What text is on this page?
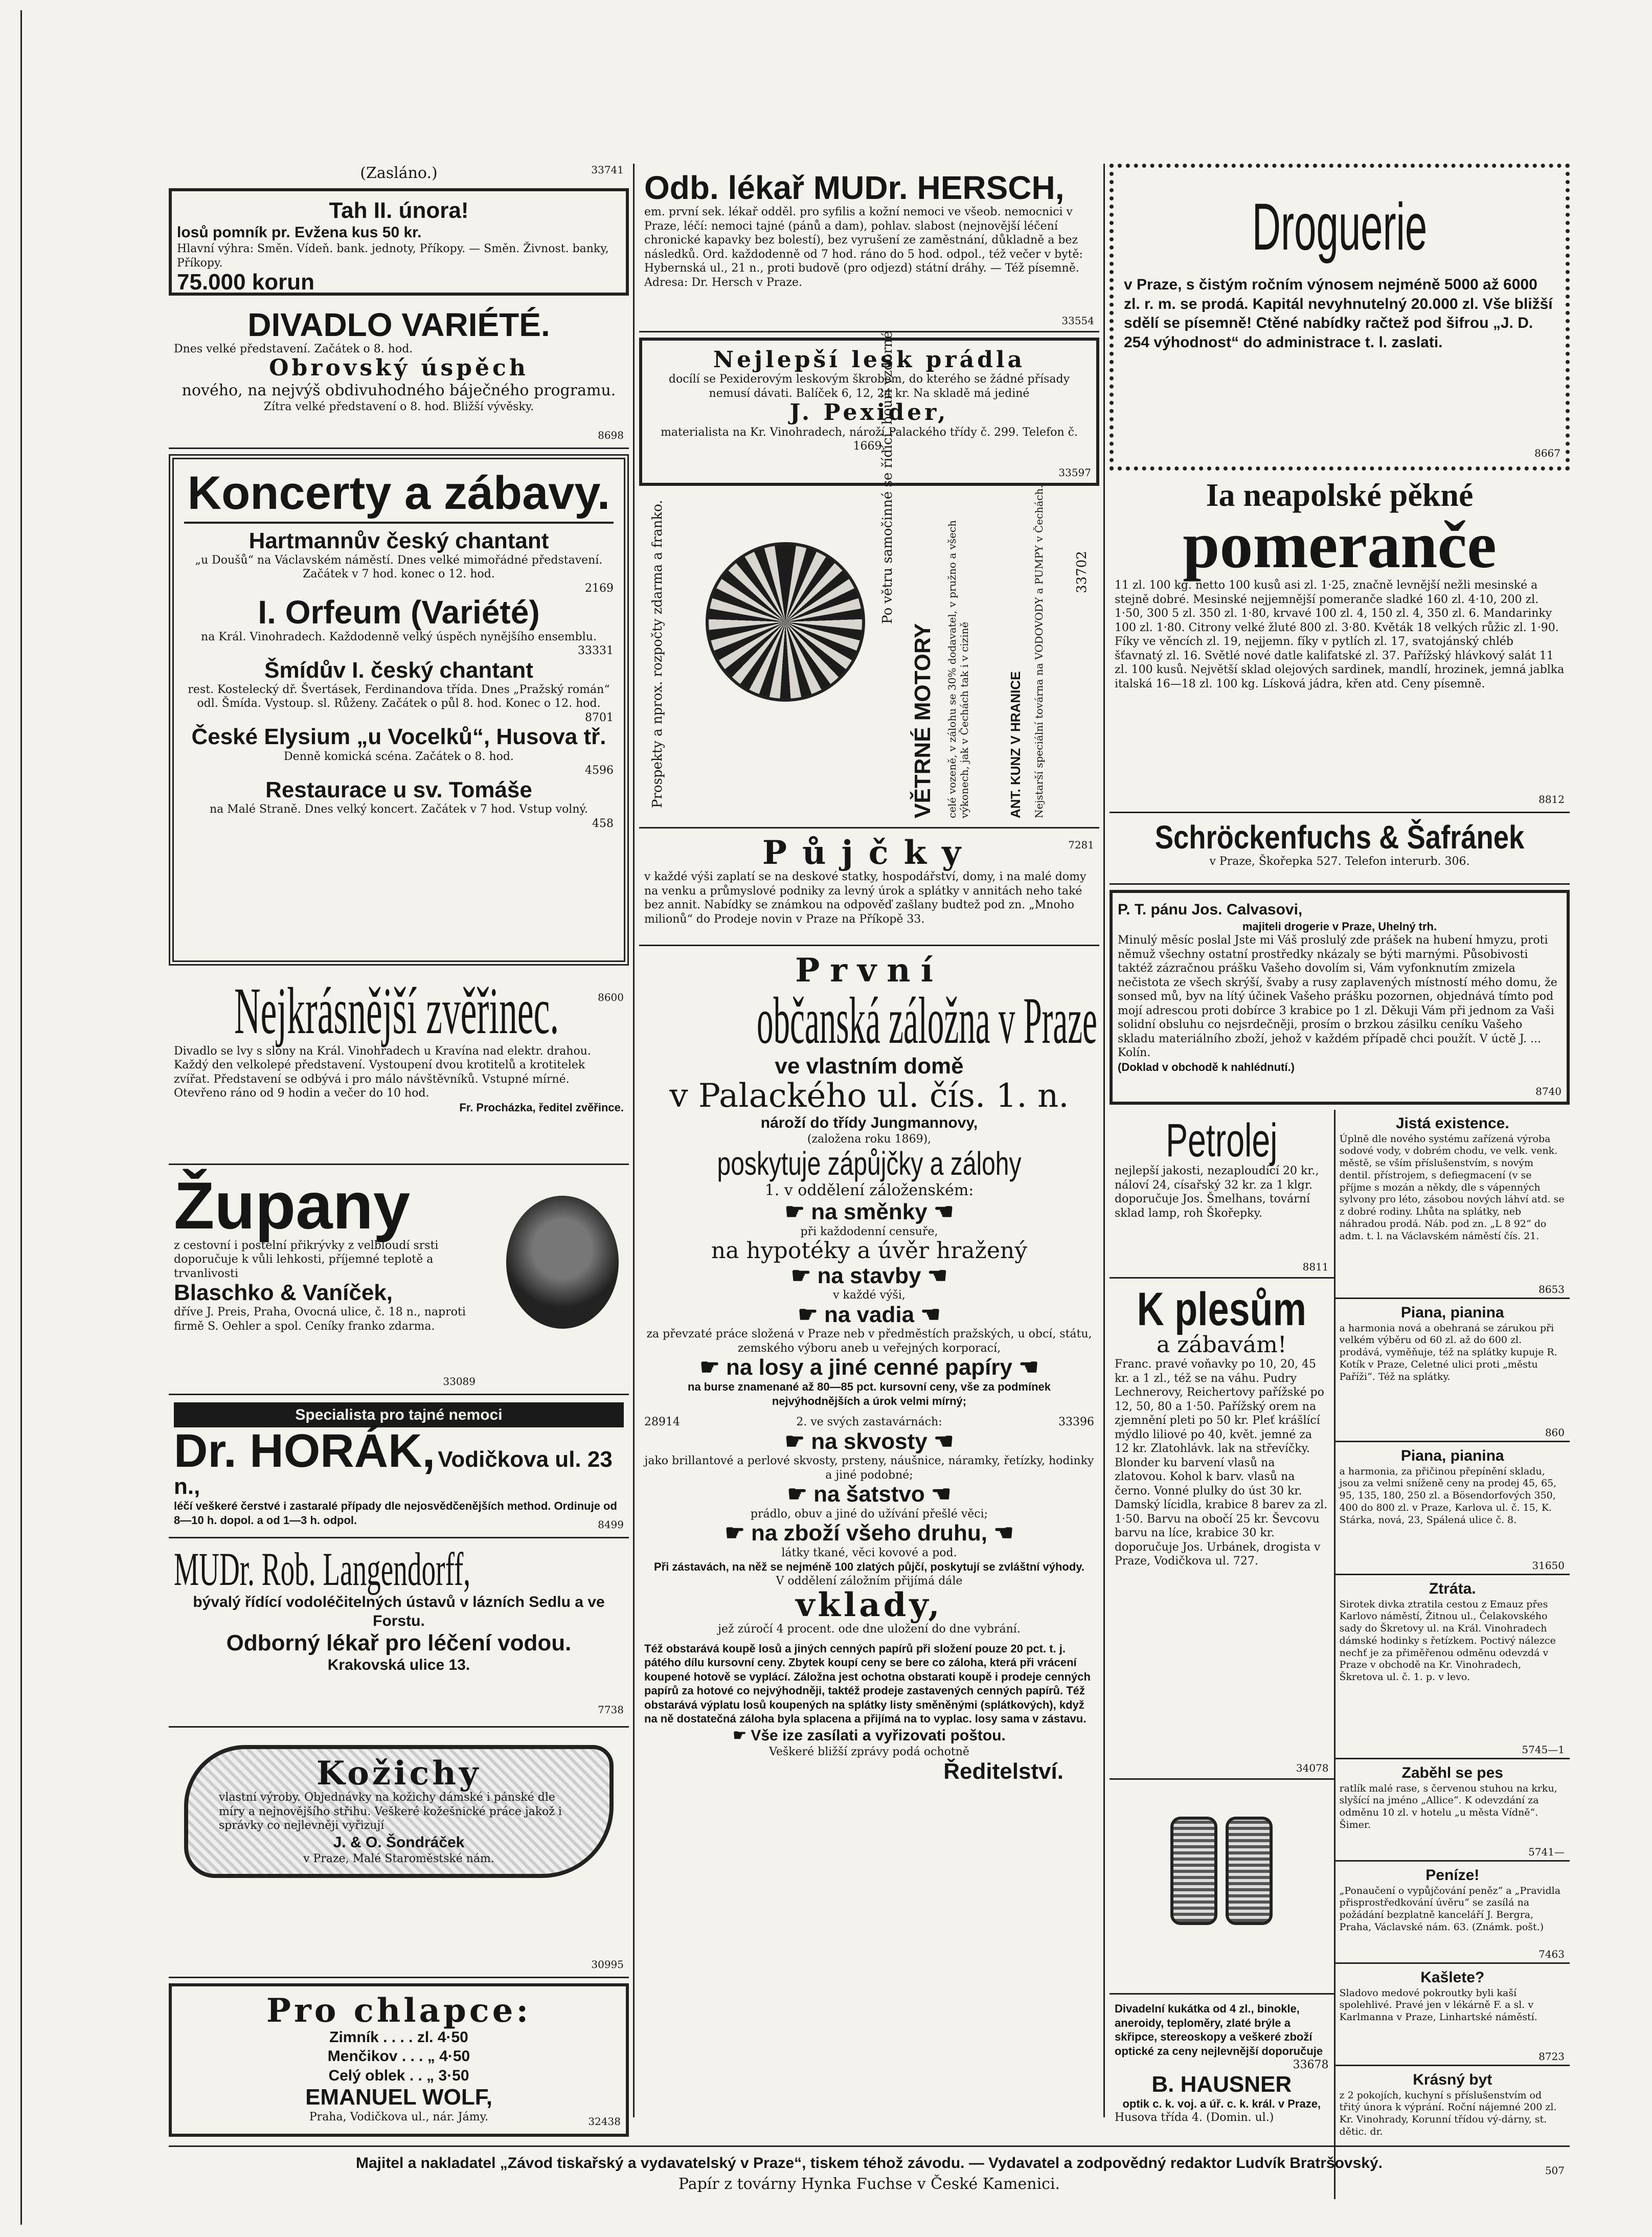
(Zasláno.)	33741
Tah II. února!
losů pomník pr. Evžena kus 50 kr.
Hlavní výhra: Směn. Vídeň. bank. jednoty, Příkopy. — Směn. Živnost. banky, Příkopy.
75.000 korun
DIVADLO VARIÉTÉ.
Dnes velké představení. Začátek o 8. hod.
Obrovský úspěch
nového, na nejvýš obdivuhodného báječného programu.
Zítra velké představení o 8. hod. Bližší vývěsky.
8698
Koncerty a zábavy.
Hartmannův český chantant
„u Doušů“ na Václavském náměstí. Dnes velké mimořádné představení. Začátek v 7 hod. konec o 12. hod.
2169
I. Orfeum (Variété)
na Král. Vinohradech. Každodenně velký úspěch nynějšího ensemblu.
33331
Šmídův I. český chantant
rest. Kostelecký dř. Švertásek, Ferdinandova třída. Dnes „Pražský román“ odl. Šmída. Vystoup. sl. Růženy. Začátek o půl 8. hod. Konec o 12. hod.
8701
České Elysium „u Vocelků“, Husova tř.
Denně komická scéna. Začátek o 8. hod.
4596
Restaurace u sv. Tomáše
na Malé Straně. Dnes velký koncert. Začátek v 7 hod. Vstup volný.
458
Nejkrásnější zvěřinec.	8600
Divadlo se lvy s slony na Král. Vinohradech u Kravína nad elektr. drahou. Každý den velkolepé představení. Vystoupení dvou krotitelů a krotitelek zvířat. Představení se odbývá i pro málo návštěvníků. Vstupné mírné. Otevřeno ráno od 9 hodin a večer do 10 hod.
Fr. Procházka, ředitel zvěřince.
Župany
z cestovní i postelní přikrývky z velbloudí srsti doporučuje k vůli lehkosti, příjemné teplotě a trvanlivosti
Blaschko & Vaníček,
dříve J. Preis, Praha, Ovocná ulice, č. 18 n., naproti firmě S. Oehler a spol. Ceníky franko zdarma.
33089
Specialista pro tajné nemoci
Dr. HORÁK, Vodičkova ul. 23 n.,
léčí veškeré čerstvé i zastaralé případy dle nejosvědčenějších method. Ordinuje od 8—10 h. dopol. a od 1—3 h. odpol.	8499
MUDr. Rob. Langendorff,
bývalý řídící vodoléčitelných ústavů v lázních Sedlu a ve Forstu.
Odborný lékař pro léčení vodou.
Krakovská ulice 13.
7738
Kožichy
vlastní výroby. Objednávky na kožichy dámské i pánské dle míry a nejnovějšího střihu. Veškeré kožešnické práce jakož i správky co nejlevněji vyřizují
J. & O. Šondráček
v Praze, Malé Staroměstské nám.
30995
Pro chlapce:
Zimník . . . . zl. 4·50
Menčikov . . . „ 4·50
Celý oblek . . „ 3·50
EMANUEL WOLF,
Praha, Vodičkova ul., nár. Jámy.	32438
Odb. lékař MUDr. HERSCH,
em. první sek. lékař odděl. pro syfilis a kožní nemoci ve všeob. nemocnici v Praze, léčí: nemoci tajné (pánů a dam), pohlav. slabost (nejnovější léčení chronické kapavky bez bolestí), bez vyrušení ze zaměstnání, důkladně a bez následků. Ord. každodenně od 7 hod. ráno do 5 hod. odpol., též večer v bytě: Hybernská ul., 21 n., proti budově (pro odjezd) státní dráhy. — Též písemně. Adresa: Dr. Hersch v Praze.
33554
Nejlepší lesk prádla
docílí se Pexiderovým leskovým škrobem, do kterého se žádné přísady nemusí dávati. Balíček 6, 12, 24 kr. Na skladě má jediné
J. Pexider,
materialista na Kr. Vinohradech, nároží Palackého třídy č. 299. Telefon č. 1669.
33597
Prospekty a nprox. rozpočty zdarma a franko.
Po větru samočinné se řídící, bouří vzdorné
VĚTRNÉ MOTORY celé vozeně, v zálohu se 30% dodavatel, v pružno a všech výkonech, jak v Čechách tak i v cizině	ANT. KUNZ V HRANICE Nejstarší speciální továrna na VODOVODY a PUMPY v Čechách. 33702
Půjčky	7281
v každé výši zaplatí se na deskové statky, hospodářství, domy, i na malé domy na venku a průmyslové podniky za levný úrok a splátky v annitách neho také bez annit. Nabídky se známkou na odpověď zašlany budtež pod zn. „Mnoho milionů“ do Prodeje novin v Praze na Příkopě 33.
První
občanská záložna v Praze
ve vlastním domě
v Palackého ul. čís. 1. n.
nároží do třídy Jungmannovy,
(založena roku 1869),
poskytuje zápůjčky a zálohy
1. v oddělení záloženském:
☛ na směnky ☚
při každodenní censuře,
na hypotéky a úvěr hražený
☛ na stavby ☚
v každé výši,
☛ na vadia ☚
za převzaté práce složená v Praze neb v předměstích pražských, u obcí, státu, zemského výboru aneb u veřejných korporací,
☛ na losy a jiné cenné papíry ☚
na burse znamenané až 80—85 pct. kursovní ceny, vše za podmínek nejvýhodnějších a úrok velmi mírný;
28914	2. ve svých zastavárnách:	33396
☛ na skvosty ☚
jako brillantové a perlové skvosty, prsteny, náušnice, náramky, řetízky, hodinky a jiné podobné;
☛ na šatstvo ☚
prádlo, obuv a jiné do užívání přešlé věci;
☛ na zboží všeho druhu, ☚
látky tkané, věci kovové a pod.
Při zástavách, na něž se nejméně 100 zlatých půjčí, poskytují se zvláštní výhody.
V oddělení záložním přijímá dále
vklady,
jež zúročí 4 procent. ode dne uložení do dne vybrání.
Též obstarává koupě losů a jiných cenných papírů při složení pouze 20 pct. t. j. pátého dílu kursovní ceny. Zbytek koupí ceny se bere co záloha, která při vrácení koupené hotově se vyplácí. Záložna jest ochotna obstarati koupě i prodeje cenných papírů za hotové co nejvýhodněji, taktéž prodeje zastavených cenných papírů. Též obstarává výplatu losů koupených na splátky listy směněnými (splátkových), když na ně dostatečná záloha byla splacena a přijímá na to vyplac. losy sama v zástavu.
☛ Vše ize zasílati a vyřizovati poštou.
Veškeré bližší zprávy podá ochotně
Ředitelství.
Droguerie
v Praze, s čistým ročním výnosem nejméně 5000 až 6000 zl. r. m. se prodá. Kapitál nevyhnutelný 20.000 zl. Vše bližší sdělí se písemně! Ctěné nabídky račtež pod šifrou „J. D. 254 výhodnost“ do administrace t. l. zaslati.
8667
Ia neapolské pěkné
pomeranče
11 zl. 100 kg. netto 100 kusů asi zl. 1·25, značně levnější nežli mesinské a stejně dobré. Mesinské nejjemnější pomeranče sladké 160 zl. 4·10, 200 zl. 1·50, 300 5 zl. 350 zl. 1·80, krvavé 100 zl. 4, 150 zl. 4, 350 zl. 6. Mandarinky 100 zl. 1·80. Citrony velké žluté 800 zl. 3·80. Květák 18 velkých růžic zl. 1·90. Fíky ve věncích zl. 19, nejjemn. fíky v pytlích zl. 17, svatojánský chléb šťavnatý zl. 16. Světlé nové datle kalifatské zl. 37. Pařížský hlávkový salát 11 zl. 100 kusů. Největší sklad olejových sardinek, mandlí, hrozinek, jemná jablka italská 16—18 zl. 100 kg. Lísková jádra, křen atd. Ceny písemně.
8812
Schröckenfuchs & Šafránek
v Praze, Škořepka 527. Telefon interurb. 306.
P. T. pánu Jos. Calvasovi,
majiteli drogerie v Praze, Uhelný trh.
Minulý měsíc poslal Jste mi Váš proslulý zde prášek na hubení hmyzu, proti němuž všechny ostatní prostředky nkázaly se býti marnými. Působivosti taktéž zázračnou prášku Vašeho dovolím si, Vám vyfonknutím zmizela nečistota ze všech skrýší, švaby a rusy zaplavených místností mého domu, že sonsed mů, byv na lítý účinek Vašeho prášku pozornen, objednává tímto pod mojí adrescou proti dobírce 3 krabice po 1 zl. Děkuji Vám při jednom za Vaši solidní obsluhu co nejsrdečněji, prosím o brzkou zásilku ceníku Vašeho skladu materiálního zboží, jehož v každém případě chci použít. V úctě J. ... Kolín.
(Doklad v obchodě k nahlédnutí.)
8740
Petrolej
nejlepší jakosti, nezaploudící 20 kr., náloví 24, císařský 32 kr. za 1 klgr. doporučuje Jos. Šmelhans, tovární sklad lamp, roh Škořepky.
8811
K plesům
a zábavám!
Franc. pravé voňavky po 10, 20, 45 kr. a 1 zl., též se na váhu. Pudry Lechnerovy, Reichertovy pařížské po 12, 50, 80 a 1·50. Pařížský orem na zjemnění pleti po 50 kr. Pleť krášlící mýdlo liliové po 40, květ. jemné za 12 kr. Zlatohlávk. lak na střevíčky. Blonder ku barvení vlasů na zlatovou. Kohol k barv. vlasů na černo. Vonné plulky do úst 30 kr. Damský lícidla, krabice 8 barev za zl. 1·50. Barvu na obočí 25 kr. Ševcovu barvu na líce, krabice 30 kr. doporučuje Jos. Urbánek, drogista v Praze, Vodičkova ul. 727.
34078
Divadelní kukátka od 4 zl., binokle, aneroidy, teploměry, zlaté brýle a skřipce, stereoskopy a veškeré zboží optické za ceny nejlevnější doporučuje
33678
B. HAUSNER
optik c. k. voj. a úř. c. k. král. v Praze,
Husova třída 4. (Domin. ul.)
Jistá existence.
Úplně dle nového systému zařízená výroba sodové vody, v dobrém chodu, ve velk. venk. městě, se vším příslušenstvím, s novým dentil. přístrojem, s defiegmacení (v se příjme s mozán a někdy, dle s vápenných sylvony pro léto, zásobou nových láhví atd. se z dobré rodiny. Lhůta na splátky, neb náhradou prodá. Náb. pod zn. „L 8 92“ do adm. t. l. na Václavském náměstí čís. 21.
8653
Piana, pianina
a harmonia nová a obehraná se zárukou při velkém výběru od 60 zl. až do 600 zl. prodává, vyměňuje, též na splátky kupuje R. Kotík v Praze, Celetné ulici proti „městu Paříži“. Též na splátky.
860
Piana, pianina
a harmonia, za přičinou přepínění skladu, jsou za velmi sníženě ceny na prodej 45, 65, 95, 135, 180, 250 zl. a Bösendorfových 350, 400 do 800 zl. v Praze, Karlova ul. č. 15, K. Stárka, nová, 23, Spálená ulice č. 8.
31650
Ztráta.
Sirotek divka ztratila cestou z Emauz přes Karlovo náměstí, Žitnou ul., Čelakovského sady do Škretovy ul. na Král. Vinohradech dámské hodinky s řetízkem. Poctivý nálezce nechť je za přiměřenou odměnu odevzdá v Praze v obchodě na Kr. Vinohradech, Škretova ul. č. 1. p. v levo.
5745—1
Zaběhl se pes
ratlík malé rase, s červenou stuhou na krku, slyšící na jméno „Allice“. K odevzdání za odměnu 10 zl. v hotelu „u města Vídně“. Šimer.
5741—
Peníze!
„Ponaučení o vypůjčování peněz“ a „Pravidla přisprostředkování úvěru“ se zasílá na požádání bezplatně kanceláří J. Bergra, Praha, Václavské nám. 63. (Známk. pošt.)
7463
Kašlete?
Sladovo medové pokroutky byli kaší spolehlivé. Pravé jen v lékárně F. a sl. v Karlmanna v Praze, Linhartské náměstí.
8723
Krásný byt
z 2 pokojích, kuchyní s příslušenstvím od třitý února k výprání. Roční nájemné 200 zl. Kr. Vinohrady, Korunní třídou vý-dárny, st. dětic. dr.
507
Majitel a nakladatel „Závod tiskařský a vydavatelský v Praze“, tiskem téhož závodu. — Vydavatel a zodpovědný redaktor Ludvík Bratršovský.
Papír z továrny Hynka Fuchse v České Kamenici.
